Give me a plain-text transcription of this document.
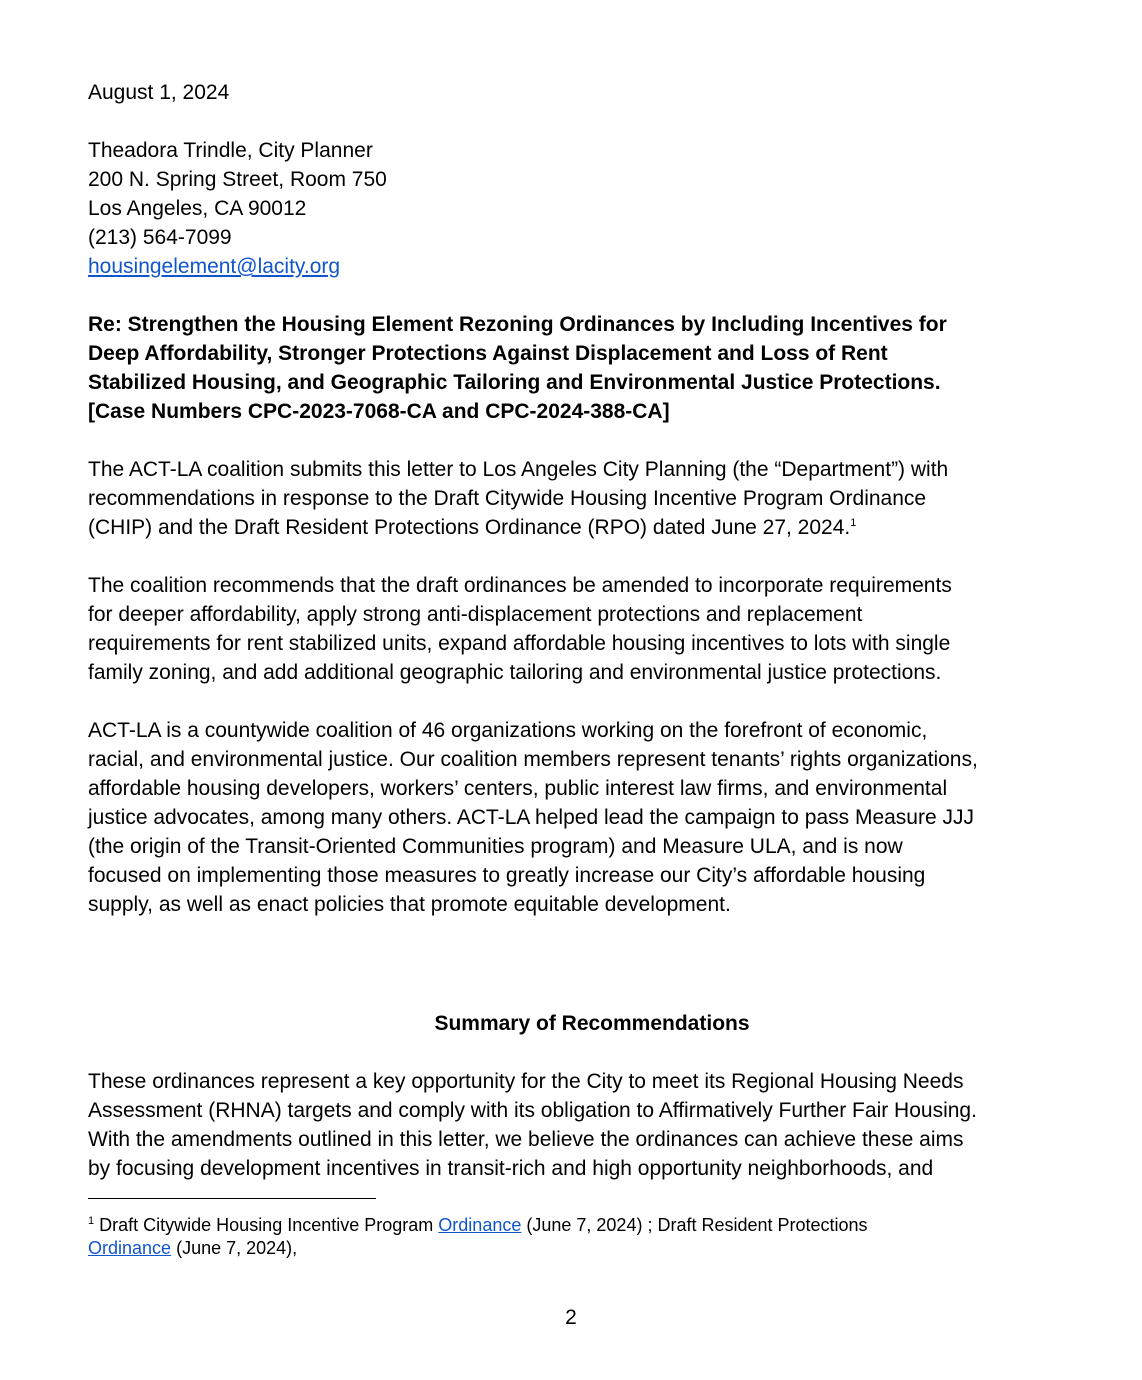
August 1, 2024
Theadora Trindle, City Planner
200 N. Spring Street, Room 750
Los Angeles, CA 90012
(213) 564-7099
housingelement@lacity.org
Re: Strengthen the Housing Element Rezoning Ordinances by Including Incentives for
Deep Affordability, Stronger Protections Against Displacement and Loss of Rent
Stabilized Housing, and Geographic Tailoring and Environmental Justice Protections.
[Case Numbers CPC-2023-7068-CA and CPC-2024-388-CA]
The ACT-LA coalition submits this letter to Los Angeles City Planning (the “Department”) with
recommendations in response to the Draft Citywide Housing Incentive Program Ordinance
(CHIP) and the Draft Resident Protections Ordinance (RPO) dated June 27, 2024.$^1$
The coalition recommends that the draft ordinances be amended to incorporate requirements
for deeper affordability, apply strong anti-displacement protections and replacement
requirements for rent stabilized units, expand affordable housing incentives to lots with single
family zoning, and add additional geographic tailoring and environmental justice protections.
ACT-LA is a countywide coalition of 46 organizations working on the forefront of economic,
racial, and environmental justice. Our coalition members represent tenants’ rights organizations,
affordable housing developers, workers’ centers, public interest law firms, and environmental
justice advocates, among many others. ACT-LA helped lead the campaign to pass Measure JJJ
(the origin of the Transit-Oriented Communities program) and Measure ULA, and is now
focused on implementing those measures to greatly increase our City’s affordable housing
supply, as well as enact policies that promote equitable development.
Summary of Recommendations
These ordinances represent a key opportunity for the City to meet its Regional Housing Needs
Assessment (RHNA) targets and comply with its obligation to Affirmatively Further Fair Housing.
With the amendments outlined in this letter, we believe the ordinances can achieve these aims
by focusing development incentives in transit-rich and high opportunity neighborhoods, and
$^1$ Draft Citywide Housing Incentive Program Ordinance (June 7, 2024) ; Draft Resident Protections
Ordinance (June 7, 2024),
2
